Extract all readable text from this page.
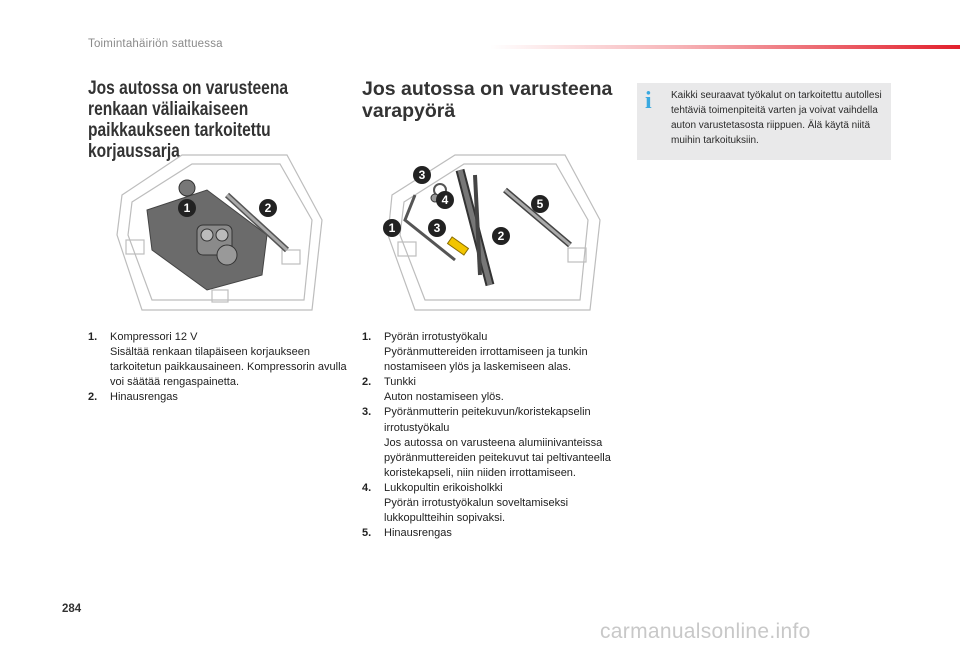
Toimintahäiriön sattuessa
Jos autossa on varusteena renkaan väliaikaiseen paikkaukseen tarkoitettu korjaussarja
1	2
1. Kompressori 12 V
Sisältää renkaan tilapäiseen korjaukseen tarkoitetun paikkausaineen. Kompressorin avulla voi säätää rengaspainetta.
2. Hinausrengas
Jos autossa on varusteena varapyörä
3
4	5
1	3
2
1. Pyörän irrotustyökalu
Pyöränmuttereiden irrottamiseen ja tunkin nostamiseen ylös ja laskemiseen alas.
2. Tunkki
Auton nostamiseen ylös.
3. Pyöränmutterin peitekuvun/koristekapselin irrotustyökalu
Jos autossa on varusteena alumiinivanteissa pyöränmuttereiden peitekuvut tai peltivanteella koristekapseli, niin niiden irrottamiseen.
4. Lukkopultin erikoisholkki
Pyörän irrotustyökalun soveltamiseksi lukkopultteihin sopivaksi.
5. Hinausrengas
i Kaikki seuraavat työkalut on tarkoitettu autollesi tehtäviä toimenpiteitä varten ja voivat vaihdella auton varustetasosta riippuen. Älä käytä niitä muihin tarkoituksiin.
284
carmanualsonline.info
